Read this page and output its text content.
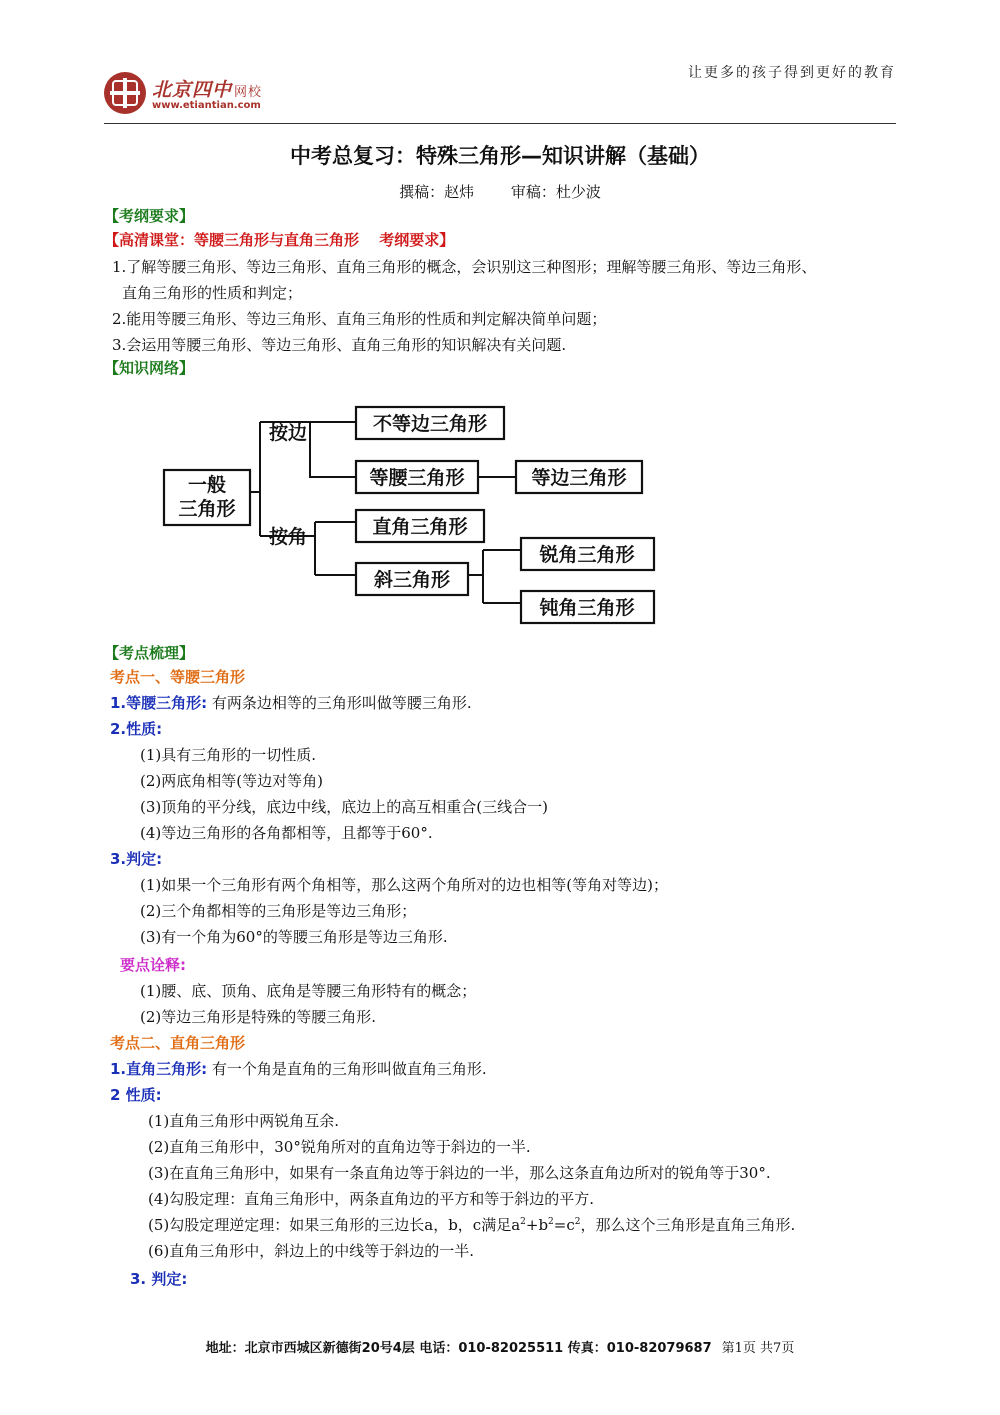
北京四中 网校
www.etiantian.com
让更多的孩子得到更好的教育
中考总复习：特殊三角形—知识讲解（基础）
撰稿：赵炜 审稿：杜少波
【考纲要求】
【高清课堂：等腰三角形与直角三角形　 考纲要求】
1.了解等腰三角形、等边三角形、直角三角形的概念，会识别这三种图形；理解等腰三角形、等边三角形、
直角三角形的性质和判定；
2.能用等腰三角形、等边三角形、直角三角形的性质和判定解决简单问题；
3.会运用等腰三角形、等边三角形、直角三角形的知识解决有关问题.
【知识网络】
一般
三角形
按边
按角
不等边三角形
等腰三角形	等边三角形
直角三角形
斜三角形
锐角三角形
钝角三角形
【考点梳理】
考点一、等腰三角形
1.等腰三角形: 有两条边相等的三角形叫做等腰三角形.
2.性质:
(1)具有三角形的一切性质.
(2)两底角相等(等边对等角)
(3)顶角的平分线，底边中线，底边上的高互相重合(三线合一)
(4)等边三角形的各角都相等，且都等于60°.
3.判定:
(1)如果一个三角形有两个角相等，那么这两个角所对的边也相等(等角对等边)；
(2)三个角都相等的三角形是等边三角形；
(3)有一个角为60°的等腰三角形是等边三角形.
要点诠释:
(1)腰、底、顶角、底角是等腰三角形特有的概念；
(2)等边三角形是特殊的等腰三角形.
考点二、直角三角形
1.直角三角形: 有一个角是直角的三角形叫做直角三角形.
2 性质:
(1)直角三角形中两锐角互余.
(2)直角三角形中，30°锐角所对的直角边等于斜边的一半.
(3)在直角三角形中，如果有一条直角边等于斜边的一半，那么这条直角边所对的锐角等于30°.
(4)勾股定理：直角三角形中，两条直角边的平方和等于斜边的平方.
(5)勾股定理逆定理：如果三角形的三边长a，b，c满足$a^2+b^2=c^2$，那么这个三角形是直角三角形.
(6)直角三角形中，斜边上的中线等于斜边的一半.
3. 判定:
地址：北京市西城区新德街20号4层 电话：010-82025511 传真：010-82079687 第1页 共7页
